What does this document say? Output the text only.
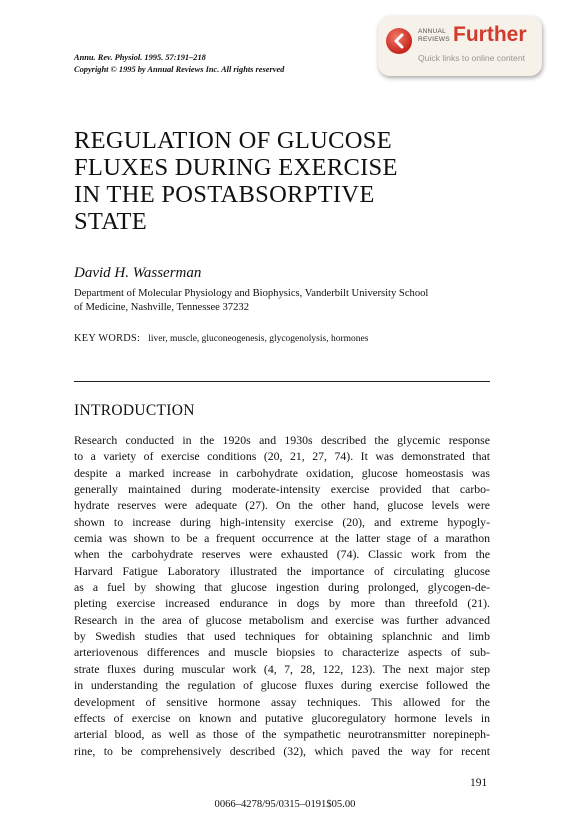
Annu. Rev. Physiol. 1995. 57:191–218
Copyright © 1995 by Annual Reviews Inc. All rights reserved
ANNUAL
REVIEWS Further
Quick links to online content
REGULATION OF GLUCOSE
FLUXES DURING EXERCISE
IN THE POSTABSORPTIVE
STATE
David H. Wasserman
Department of Molecular Physiology and Biophysics, Vanderbilt University School
of Medicine, Nashville, Tennessee 37232
KEY WORDS: liver, muscle, gluconeogenesis, glycogenolysis, hormones
INTRODUCTION
Research conducted in the 1920s and 1930s described the glycemic response
to a variety of exercise conditions (20, 21, 27, 74). It was demonstrated that
despite a marked increase in carbohydrate oxidation, glucose homeostasis was
generally maintained during moderate-intensity exercise provided that carbo-
hydrate reserves were adequate (27). On the other hand, glucose levels were
shown to increase during high-intensity exercise (20), and extreme hypogly-
cemia was shown to be a frequent occurrence at the latter stage of a marathon
when the carbohydrate reserves were exhausted (74). Classic work from the
Harvard Fatigue Laboratory illustrated the importance of circulating glucose
as a fuel by showing that glucose ingestion during prolonged, glycogen-de-
pleting exercise increased endurance in dogs by more than threefold (21).
Research in the area of glucose metabolism and exercise was further advanced
by Swedish studies that used techniques for obtaining splanchnic and limb
arteriovenous differences and muscle biopsies to characterize aspects of sub-
strate fluxes during muscular work (4, 7, 28, 122, 123). The next major step
in understanding the regulation of glucose fluxes during exercise followed the
development of sensitive hormone assay techniques. This allowed for the
effects of exercise on known and putative glucoregulatory hormone levels in
arterial blood, as well as those of the sympathetic neurotransmitter norepineph-
rine, to be comprehensively described (32), which paved the way for recent
191
0066–4278/95/0315–0191$05.00
